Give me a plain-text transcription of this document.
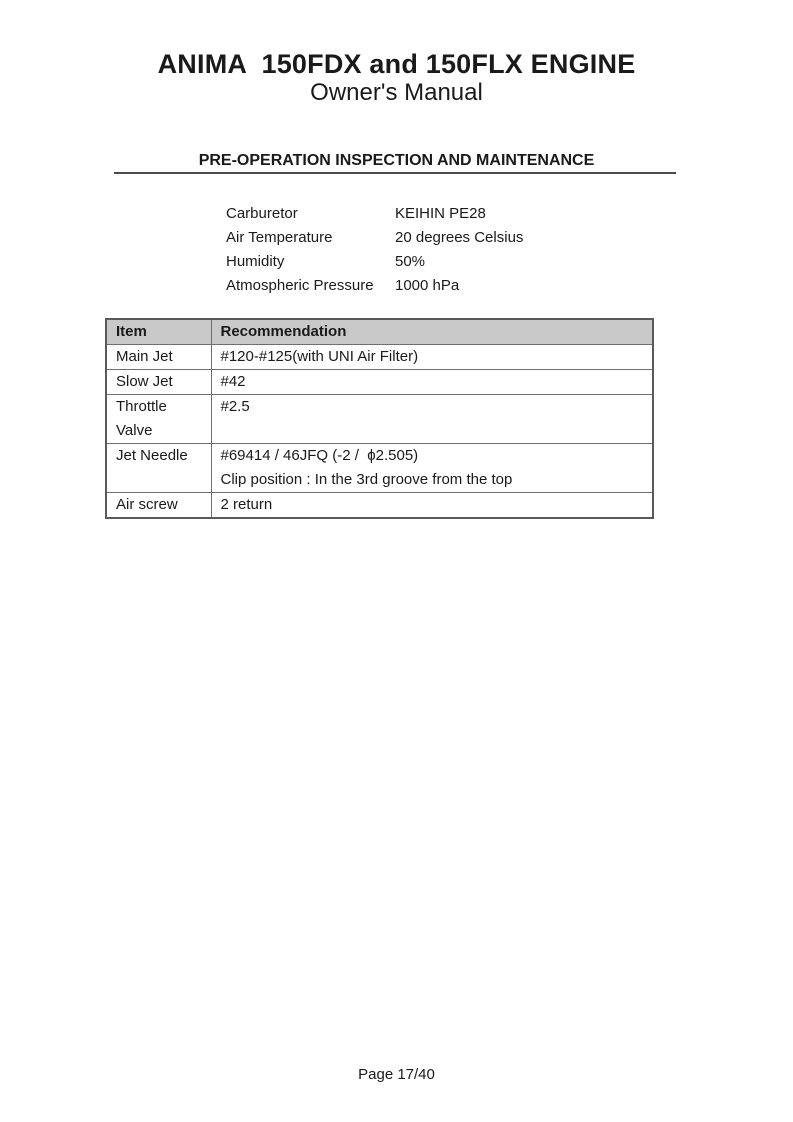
ANIMA  150FDX and 150FLX ENGINE
Owner's Manual
PRE-OPERATION INSPECTION AND MAINTENANCE
Carburetor	KEIHIN PE28
Air Temperature	20 degrees Celsius
Humidity	50%
Atmospheric Pressure	1000 hPa
Item	Recommendation
Main Jet	#120-#125(with UNI Air Filter)

Slow Jet	#42

Throttle Valve	#2.5

Jet Needle	#69414 / 46JFQ (-2 /  ϕ2.505)
Clip position : In the 3rd groove from the top

Air screw	2 return
Page 17/40
